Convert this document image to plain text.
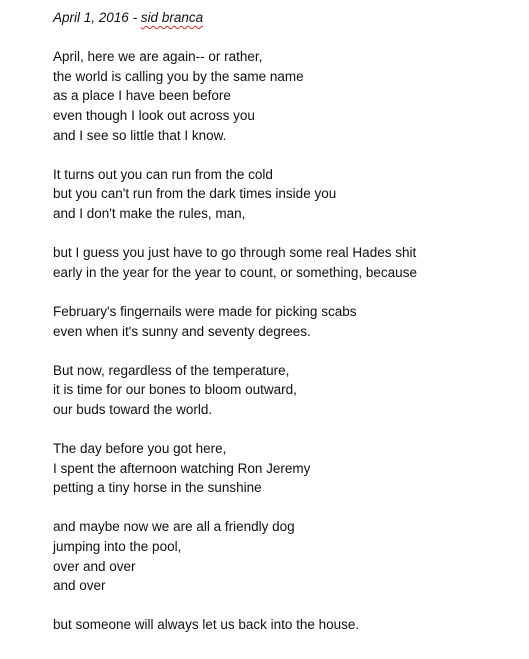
April 1, 2016 - sid branca
April, here we are again-- or rather,
the world is calling you by the same name
as a place I have been before
even though I look out across you
and I see so little that I know.
It turns out you can run from the cold
but you can't run from the dark times inside you
and I don't make the rules, man,
but I guess you just have to go through some real Hades shit
early in the year for the year to count, or something, because
February's fingernails were made for picking scabs
even when it's sunny and seventy degrees.
But now, regardless of the temperature,
it is time for our bones to bloom outward,
our buds toward the world.
The day before you got here,
I spent the afternoon watching Ron Jeremy
petting a tiny horse in the sunshine
and maybe now we are all a friendly dog
jumping into the pool,
over and over
and over
but someone will always let us back into the house.
